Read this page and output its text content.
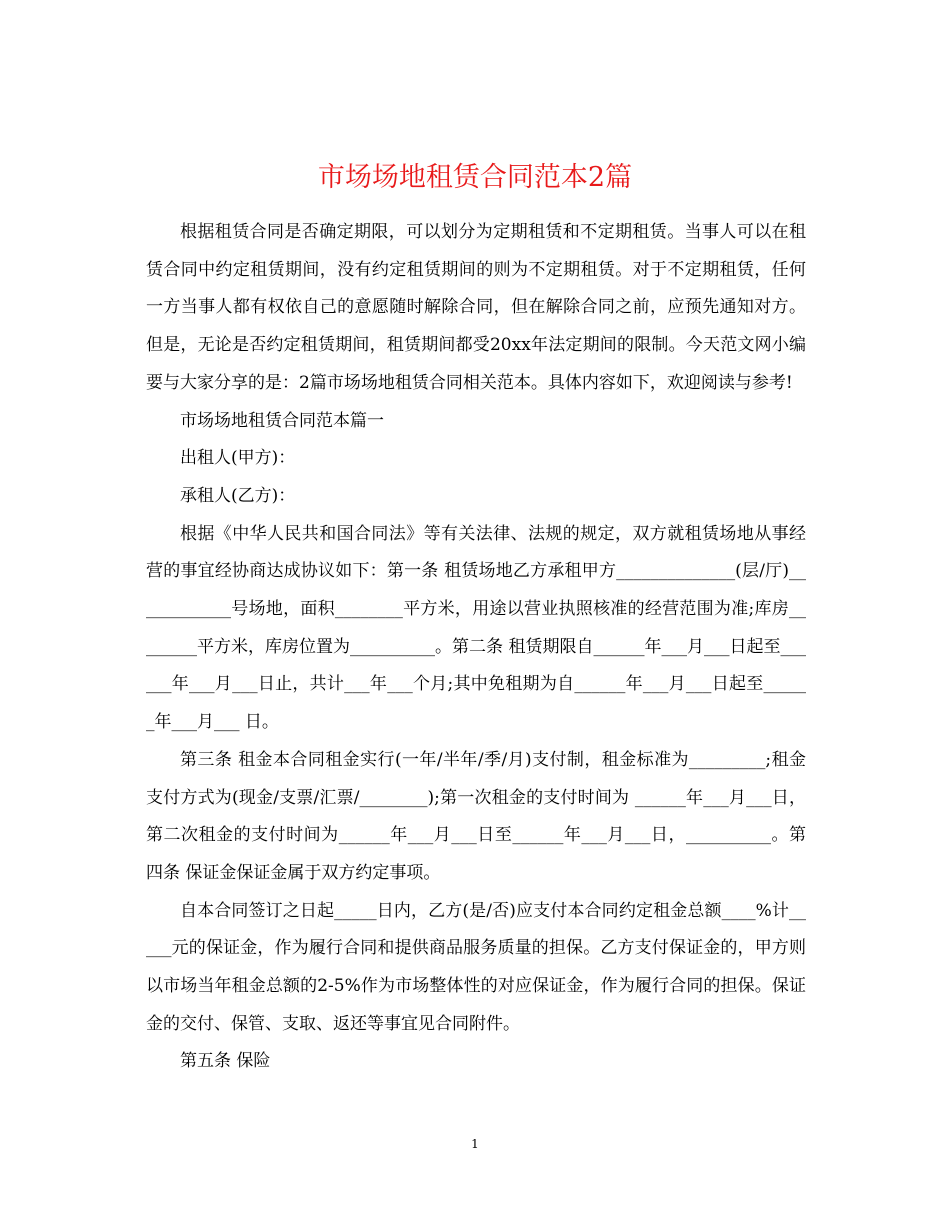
市场场地租赁合同范本2篇

根据租赁合同是否确定期限，可以划分为定期租赁和不定期租赁。当事人可以在租赁合同中约定租赁期间，没有约定租赁期间的则为不定期租赁。对于不定期租赁，任何一方当事人都有权依自己的意愿随时解除合同，但在解除合同之前，应预先通知对方。但是，无论是否约定租赁期间，租赁期间都受20xx年法定期间的限制。今天范文网小编要与大家分享的是：2篇市场场地租赁合同相关范本。具体内容如下，欢迎阅读与参考!

市场场地租赁合同范本篇一

出租人(甲方)：

承租人(乙方)：

根据《中华人民共和国合同法》等有关法律、法规的规定，双方就租赁场地从事经营的事宜经协商达成协议如下：第一条 租赁场地乙方承租甲方______________(层/厅)____________号场地，面积________平方米，用途以营业执照核准的经营范围为准;库房________平方米，库房位置为__________。第二条 租赁期限自______年___月___日起至______年___月___日止，共计___年___个月;其中免租期为自______年___月___日起至______年___月___ 日。

第三条 租金本合同租金实行(一年/半年/季/月)支付制，租金标准为_________;租金支付方式为(现金/支票/汇票/________);第一次租金的支付时间为 ______年___月___日，第二次租金的支付时间为______年___月___日至______年___月___日，__________。第四条 保证金保证金属于双方约定事项。

自本合同签订之日起_____日内，乙方(是/否)应支付本合同约定租金总额____%计_____元的保证金，作为履行合同和提供商品服务质量的担保。乙方支付保证金的，甲方则以市场当年租金总额的2-5%作为市场整体性的对应保证金，作为履行合同的担保。保证金的交付、保管、支取、返还等事宜见合同附件。

第五条 保险

1
